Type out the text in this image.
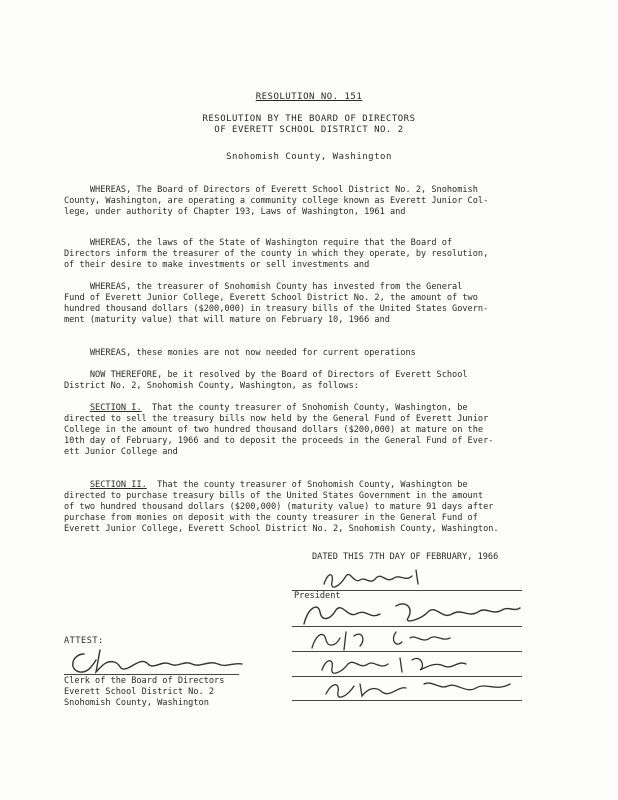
RESOLUTION NO. 151
RESOLUTION BY THE BOARD OF DIRECTORS
OF EVERETT SCHOOL DISTRICT NO. 2
Snohomish County, Washington
WHEREAS, The Board of Directors of Everett School District No. 2, Snohomish
County, Washington, are operating a community college known as Everett Junior Col-
lege, under authority of Chapter 193, Laws of Washington, 1961 and
WHEREAS, the laws of the State of Washington require that the Board of
Directors inform the treasurer of the county in which they operate, by resolution,
of their desire to make investments or sell investments and
WHEREAS, the treasurer of Snohomish County has invested from the General
Fund of Everett Junior College, Everett School District No. 2, the amount of two
hundred thousand dollars ($200,000) in treasury bills of the United States Govern-
ment (maturity value) that will mature on February 10, 1966 and
WHEREAS, these monies are not now needed for current operations
NOW THEREFORE, be it resolved by the Board of Directors of Everett School
District No. 2, Snohomish County, Washington, as follows:
SECTION I.  That the county treasurer of Snohomish County, Washington, be
directed to sell the treasury bills now held by the General Fund of Everett Junior
College in the amount of two hundred thousand dollars ($200,000) at mature on the
10th day of February, 1966 and to deposit the proceeds in the General Fund of Ever-
ett Junior College and
SECTION II.  That the county treasurer of Snohomish County, Washington be
directed to purchase treasury bills of the United States Government in the amount
of two hundred thousand dollars ($200,000) (maturity value) to mature 91 days after
purchase from monies on deposit with the county treasurer in the General Fund of
Everett Junior College, Everett School District No. 2, Snohomish County, Washington.
DATED THIS 7TH DAY OF FEBRUARY, 1966
President
ATTEST:
Clerk of the Board of Directors
Everett School District No. 2
Snohomish County, Washington
